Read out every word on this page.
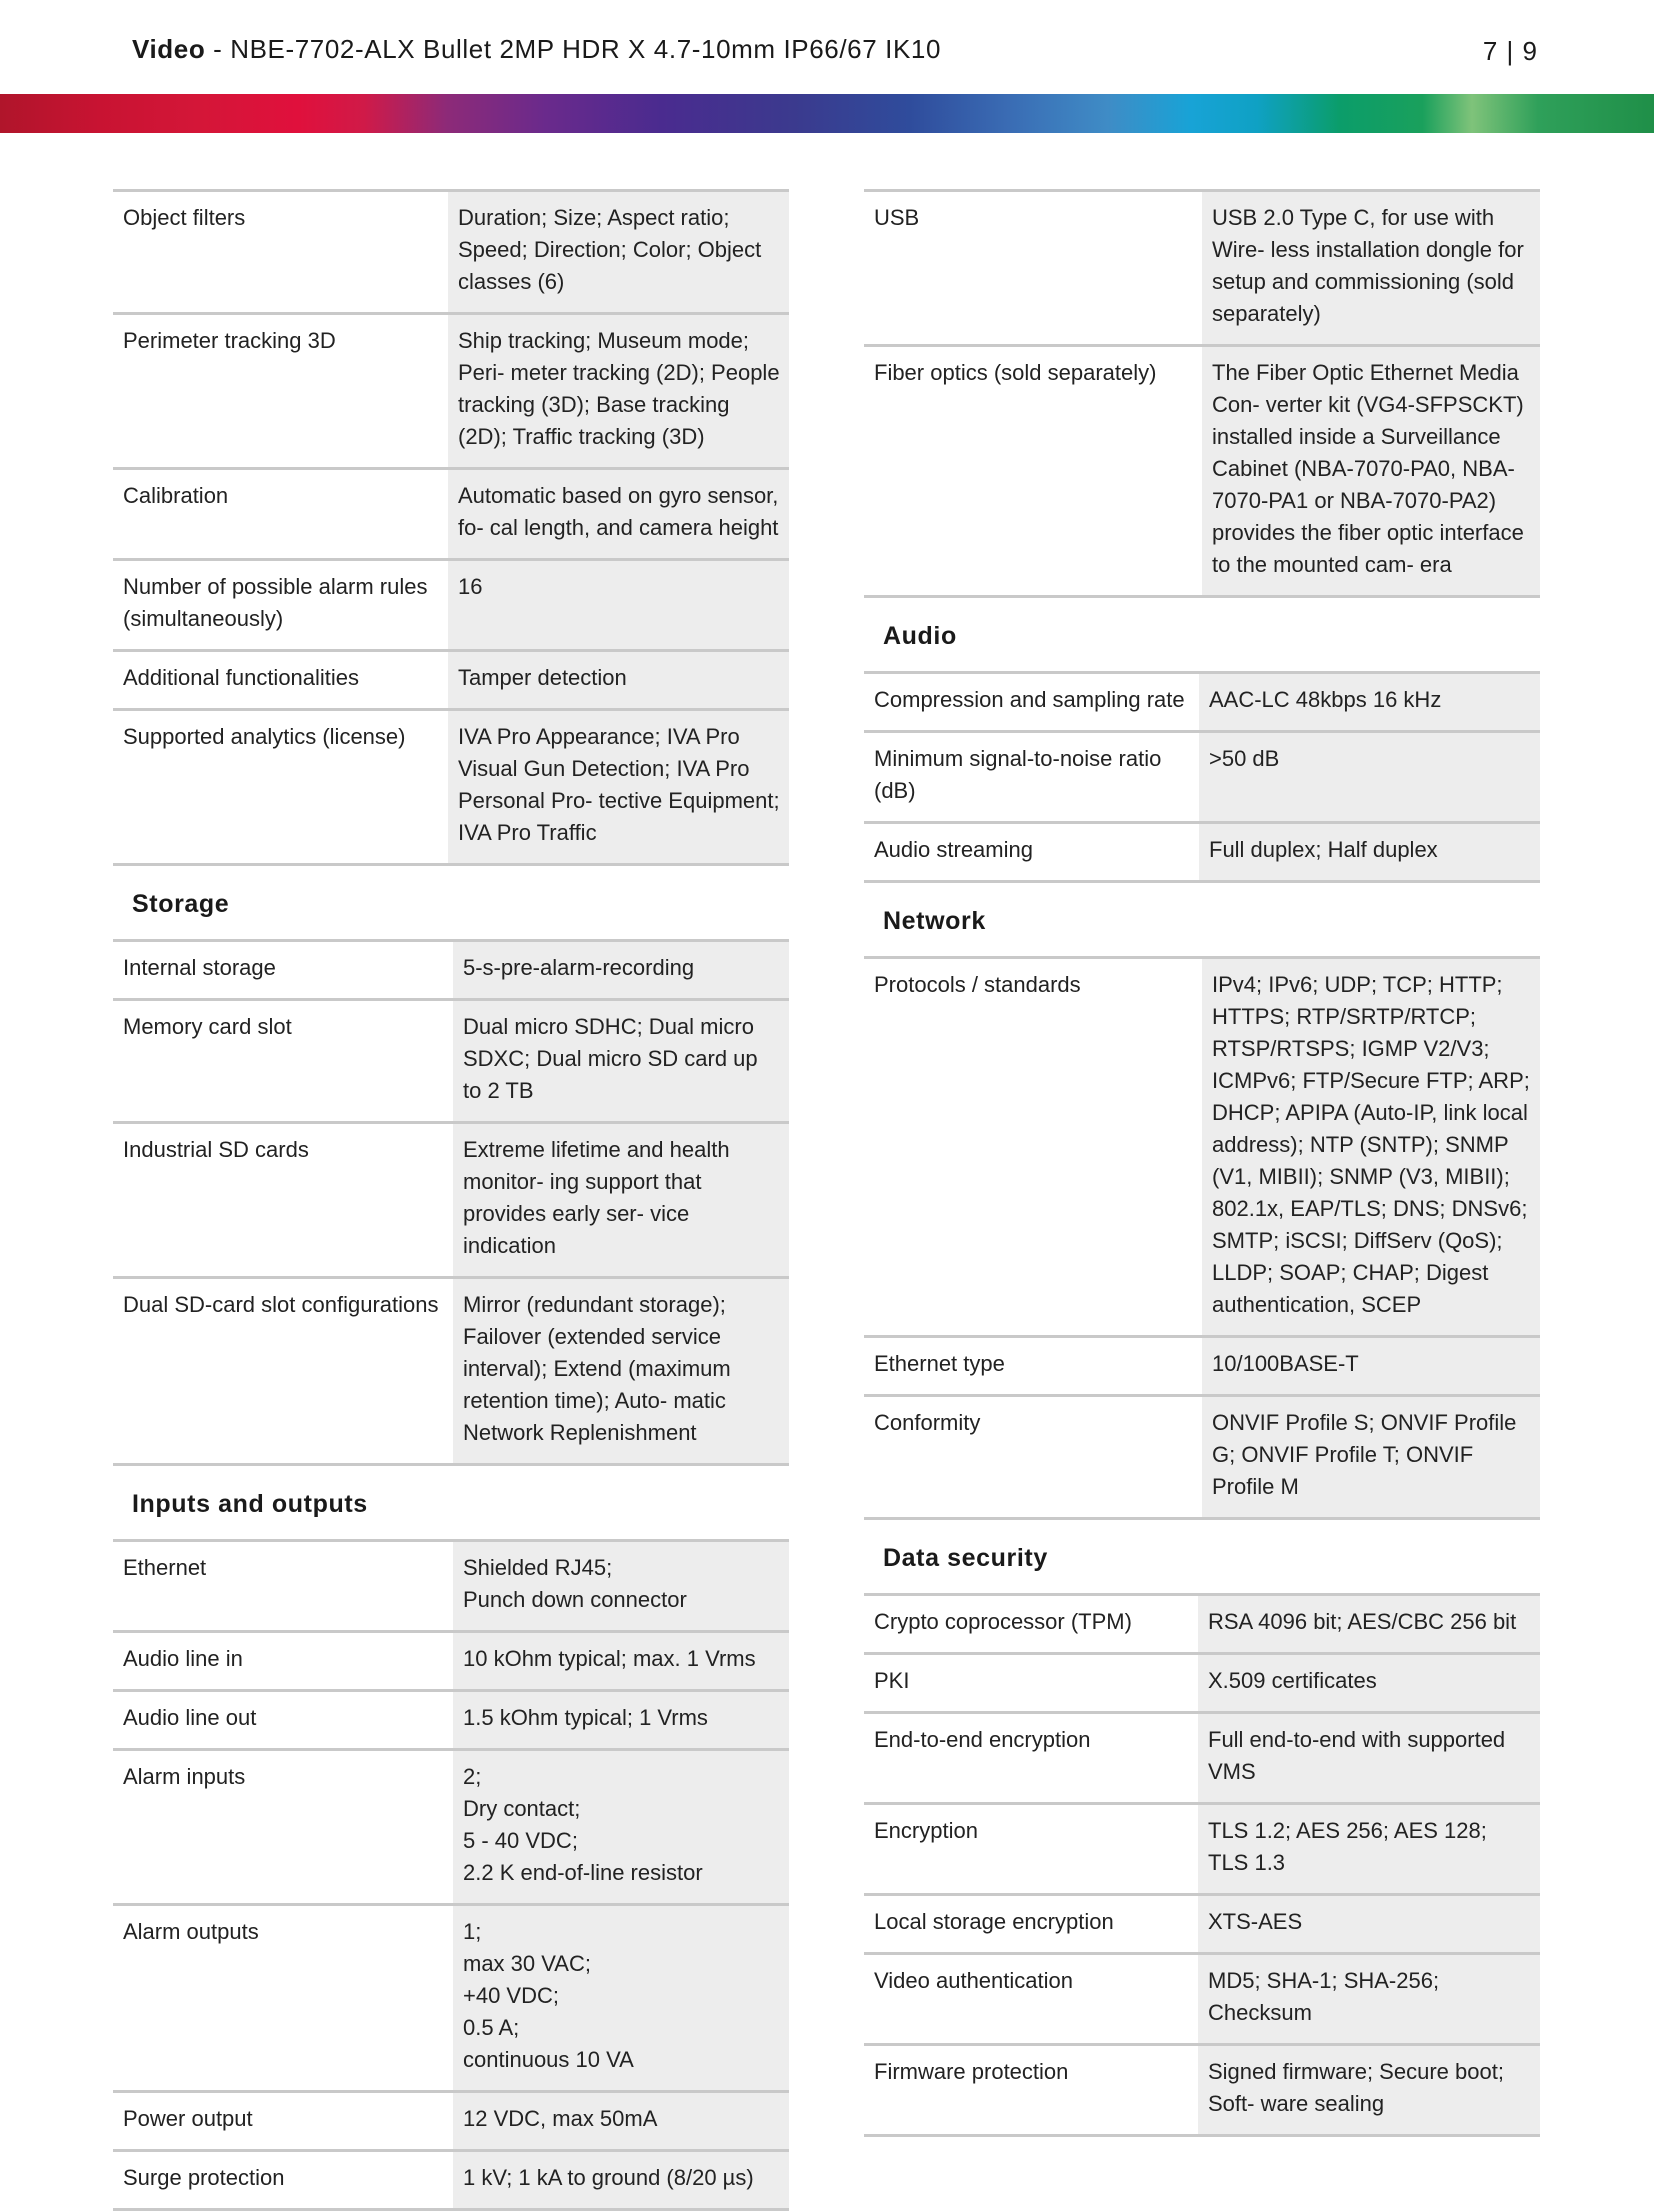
Video - NBE-7702-ALX Bullet 2MP HDR X 4.7-10mm IP66/67 IK10	7 | 9
Object filters	Duration; Size; Aspect ratio; Speed; Direction; Color; Object classes (6)
Perimeter tracking 3D	Ship tracking; Museum mode; Peri- meter tracking (2D); People tracking (3D); Base tracking (2D); Traffic tracking (3D)
Calibration	Automatic based on gyro sensor, fo- cal length, and camera height
Number of possible alarm rules (simultaneously)	16
Additional functionalities	Tamper detection
Supported analytics (license)	IVA Pro Appearance; IVA Pro Visual Gun Detection; IVA Pro Personal Pro- tective Equipment; IVA Pro Traffic
Storage
Internal storage	5-s-pre-alarm-recording
Memory card slot	Dual micro SDHC; Dual micro SDXC; Dual micro SD card up to 2 TB
Industrial SD cards	Extreme lifetime and health monitor- ing support that provides early ser- vice indication
Dual SD-card slot configurations	Mirror (redundant storage); Failover (extended service interval); Extend (maximum retention time); Auto- matic Network Replenishment
Inputs and outputs
Ethernet	Shielded RJ45;
Punch down connector
Audio line in	10 kOhm typical; max. 1 Vrms
Audio line out	1.5 kOhm typical; 1 Vrms
Alarm inputs	2;
Dry contact;
5 - 40 VDC;
2.2 K end-of-line resistor
Alarm outputs	1;
max 30 VAC;
+40 VDC;
0.5 A;
continuous 10 VA
Power output	12 VDC, max 50mA
Surge protection	1 kV; 1 kA to ground (8/20 µs)
USB	USB 2.0 Type C, for use with Wire- less installation dongle for setup and commissioning (sold separately)
Fiber optics (sold separately)	The Fiber Optic Ethernet Media Con- verter kit (VG4-SFPSCKT) installed inside a Surveillance Cabinet (NBA-7070-PA0, NBA-7070-PA1 or NBA-7070-PA2) provides the fiber optic interface to the mounted cam- era
Audio
Compression and sampling rate	AAC-LC 48kbps 16 kHz
Minimum signal-to-noise ratio (dB)	>50 dB
Audio streaming	Full duplex; Half duplex
Network
Protocols / standards	IPv4; IPv6; UDP; TCP; HTTP; HTTPS; RTP/SRTP/RTCP; RTSP/RTSPS; IGMP V2/V3; ICMPv6; FTP/Secure FTP; ARP; DHCP; APIPA (Auto-IP, link local address); NTP (SNTP); SNMP (V1, MIBII); SNMP (V3, MIBII); 802.1x, EAP/TLS; DNS; DNSv6; SMTP; iSCSI; DiffServ (QoS); LLDP; SOAP; CHAP; Digest authentication, SCEP
Ethernet type	10/100BASE-T
Conformity	ONVIF Profile S; ONVIF Profile G; ONVIF Profile T; ONVIF Profile M
Data security
Crypto coprocessor (TPM)	RSA 4096 bit; AES/CBC 256 bit
PKI	X.509 certificates
End-to-end encryption	Full end-to-end with supported VMS
Encryption	TLS 1.2; AES 256; AES 128; TLS 1.3
Local storage encryption	XTS-AES
Video authentication	MD5; SHA-1; SHA-256; Checksum
Firmware protection	Signed firmware; Secure boot; Soft- ware sealing
